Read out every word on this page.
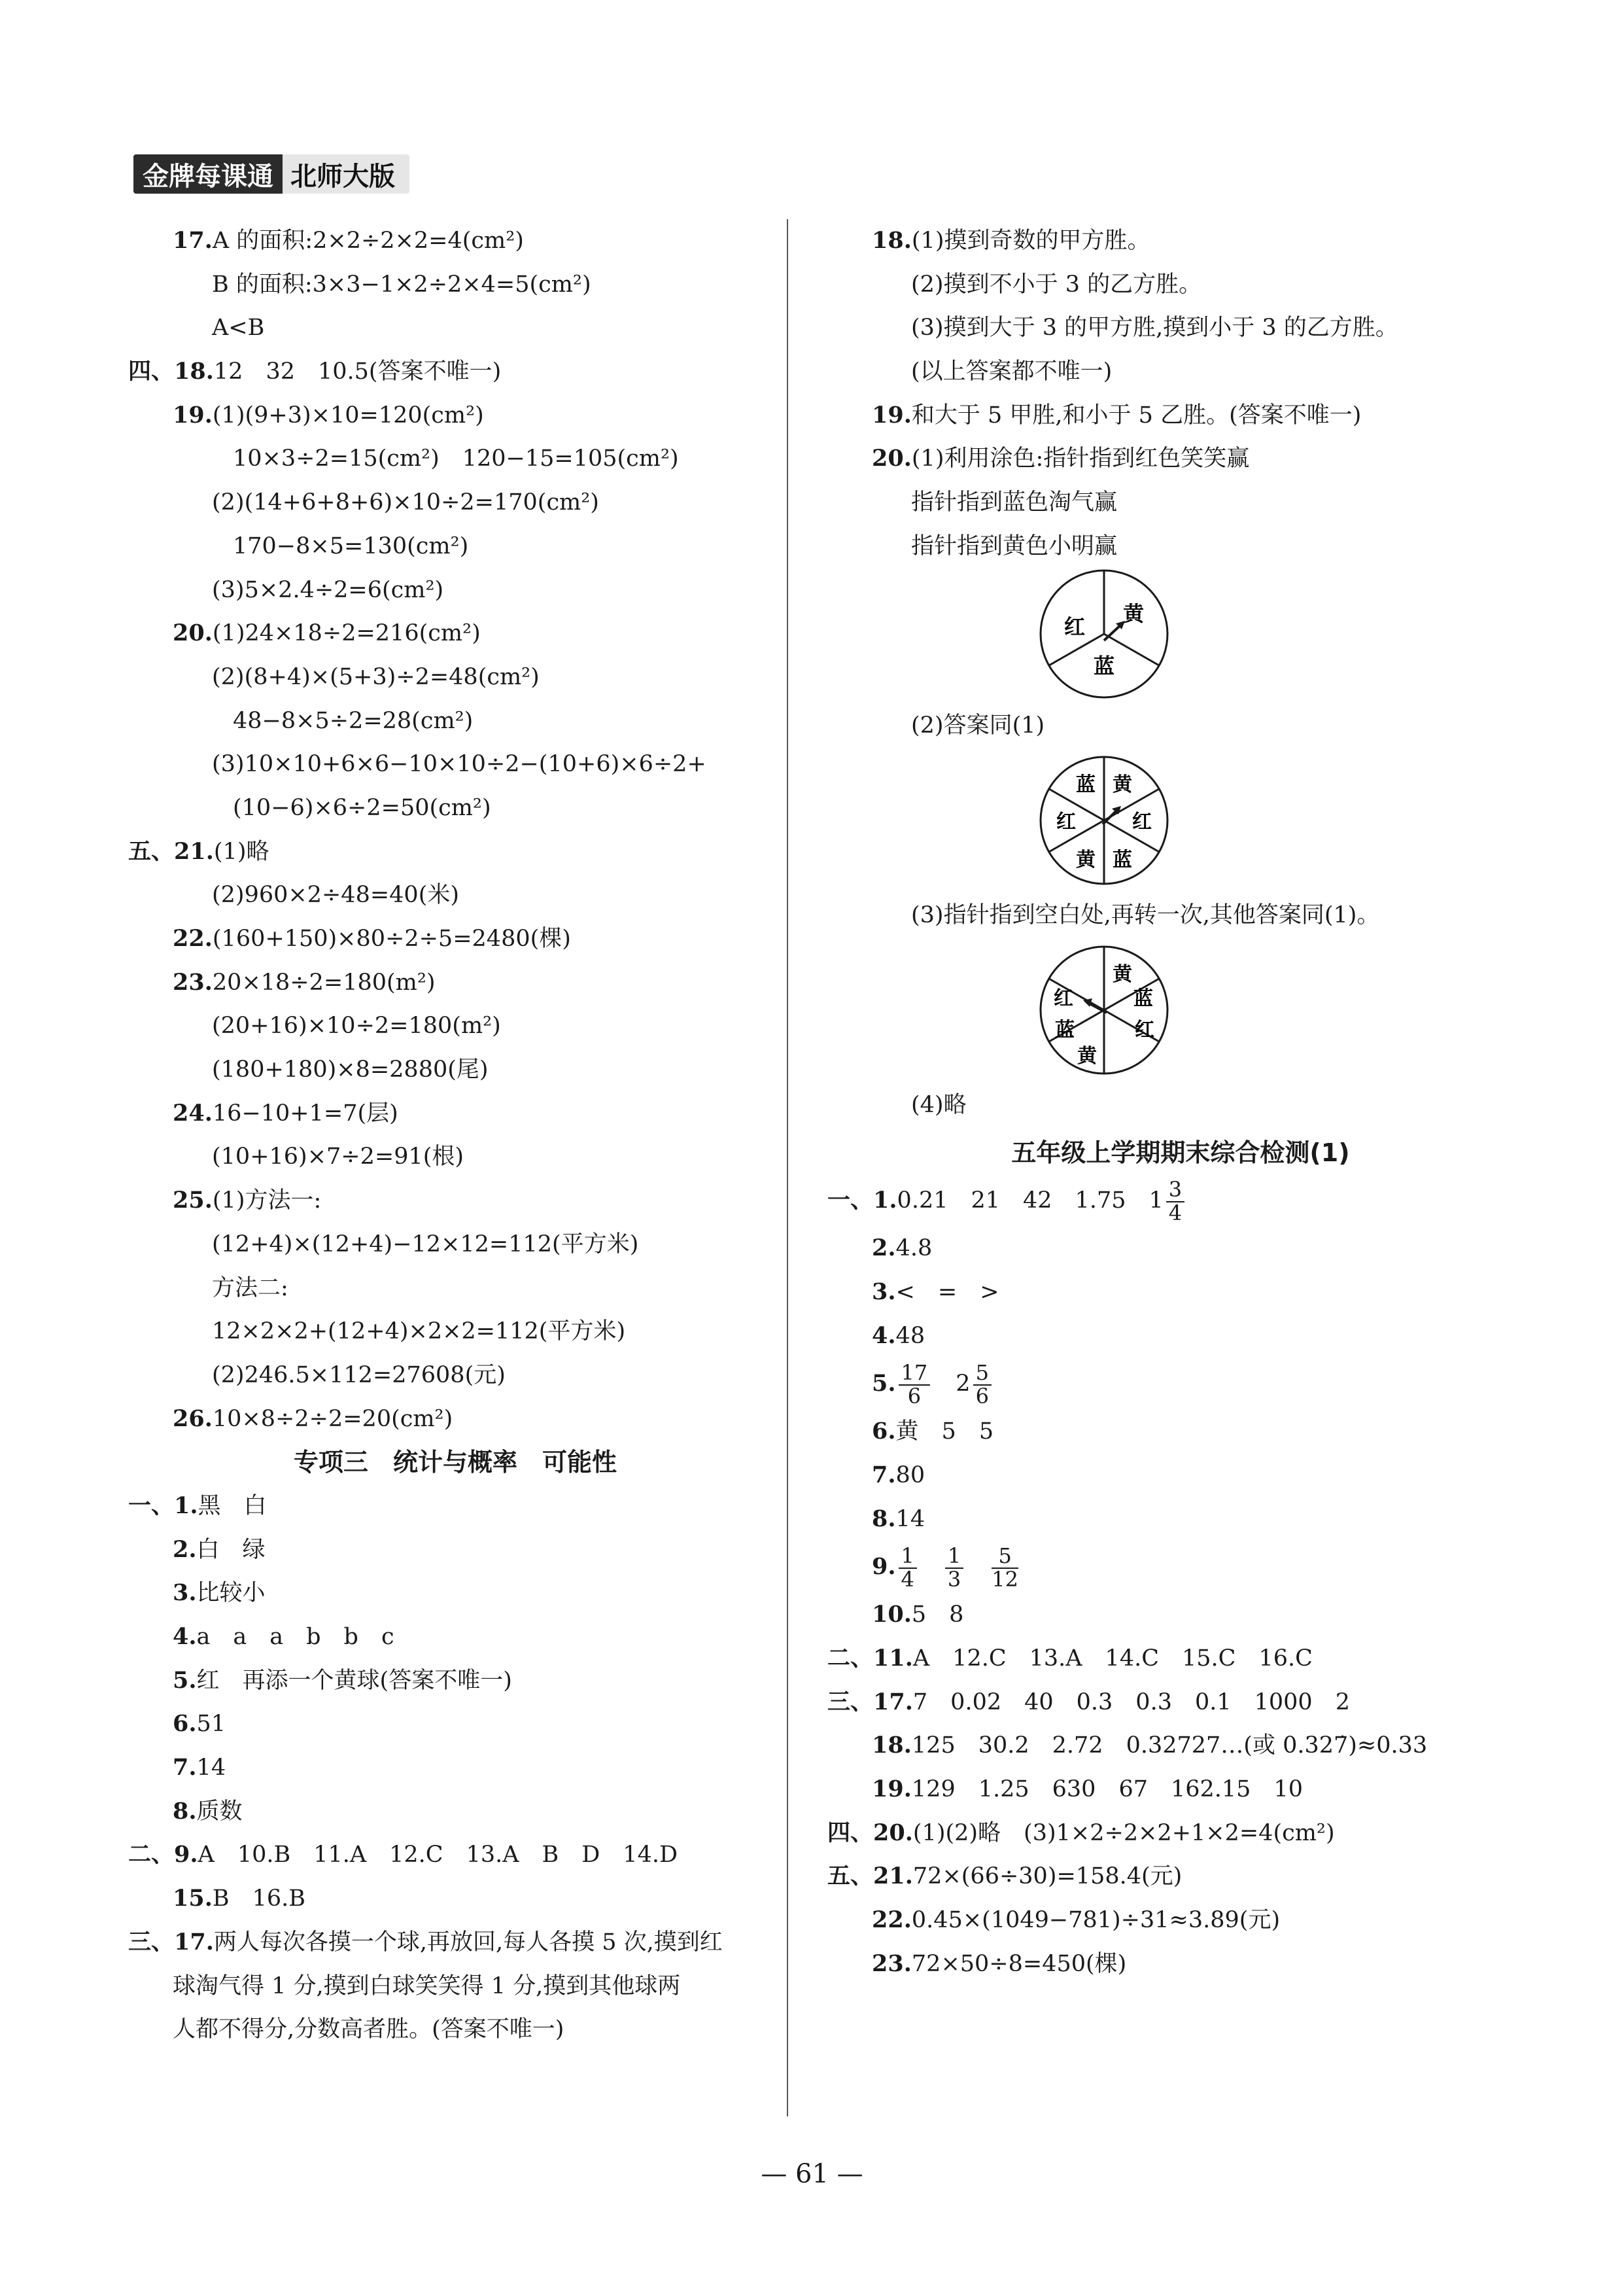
金牌每课通 北师大版
17.A 的面积:2×2÷2×2=4(cm²)
B 的面积:3×3−1×2÷2×4=5(cm²)
A<B
四、18.12　32　10.5(答案不唯一)
19.(1)(9+3)×10=120(cm²)
10×3÷2=15(cm²)　120−15=105(cm²)
(2)(14+6+8+6)×10÷2=170(cm²)
170−8×5=130(cm²)
(3)5×2.4÷2=6(cm²)
20.(1)24×18÷2=216(cm²)
(2)(8+4)×(5+3)÷2=48(cm²)
48−8×5÷2=28(cm²)
(3)10×10+6×6−10×10÷2−(10+6)×6÷2+
(10−6)×6÷2=50(cm²)
五、21.(1)略
(2)960×2÷48=40(米)
22.(160+150)×80÷2÷5=2480(棵)
23.20×18÷2=180(m²)
(20+16)×10÷2=180(m²)
(180+180)×8=2880(尾)
24.16−10+1=7(层)
(10+16)×7÷2=91(根)
25.(1)方法一:
(12+4)×(12+4)−12×12=112(平方米)
方法二:
12×2×2+(12+4)×2×2=112(平方米)
(2)246.5×112=27608(元)
26.10×8÷2÷2=20(cm²)
专项三　统计与概率　可能性
一、1.黑　白
2.白　绿
3.比较小
4.a　a　a　b　b　c
5.红　再添一个黄球(答案不唯一)
6.51
7.14
8.质数
二、9.A　10.B　11.A　12.C　13.A　B　D　14.D
15.B　16.B
三、17.两人每次各摸一个球,再放回,每人各摸 5 次,摸到红
球淘气得 1 分,摸到白球笑笑得 1 分,摸到其他球两
人都不得分,分数高者胜。(答案不唯一)
18.(1)摸到奇数的甲方胜。
(2)摸到不小于 3 的乙方胜。
(3)摸到大于 3 的甲方胜,摸到小于 3 的乙方胜。
(以上答案都不唯一)
19.和大于 5 甲胜,和小于 5 乙胜。(答案不唯一)
20.(1)利用涂色:指针指到红色笑笑赢
指针指到蓝色淘气赢
指针指到黄色小明赢
红
黄
蓝
(2)答案同(1)
蓝 黄
红	红
黄 蓝
(3)指针指到空白处,再转一次,其他答案同(1)。
黄
蓝
红
红
蓝
黄
(4)略
五年级上学期期末综合检测(1)
一、1.0.21　21　42　1.75　$1 \frac{3}{4}$
2.4.8
3.<　=　>
4.48
5. $\frac{17}{6}$
　 $2 \frac{5}{6}$
6.黄　5　5
7.80
8.14
9. $\frac{1}{4}$
　 $\frac{1}{3}$
　 $\frac{5}{12}$
10.5　8
二、11.A　12.C　13.A　14.C　15.C　16.C
三、17.7　0.02　40　0.3　0.3　0.1　1000　2
18.125　30.2　2.72　0.32727…(或 0.327̇)≈0.33
19.129　1.25　630　67　162.15　10
四、20.(1)(2)略　(3)1×2÷2×2+1×2=4(cm²)
五、21.72×(66÷30)=158.4(元)
22.0.45×(1049−781)÷31≈3.89(元)
23.72×50÷8=450(棵)
— 61 —
